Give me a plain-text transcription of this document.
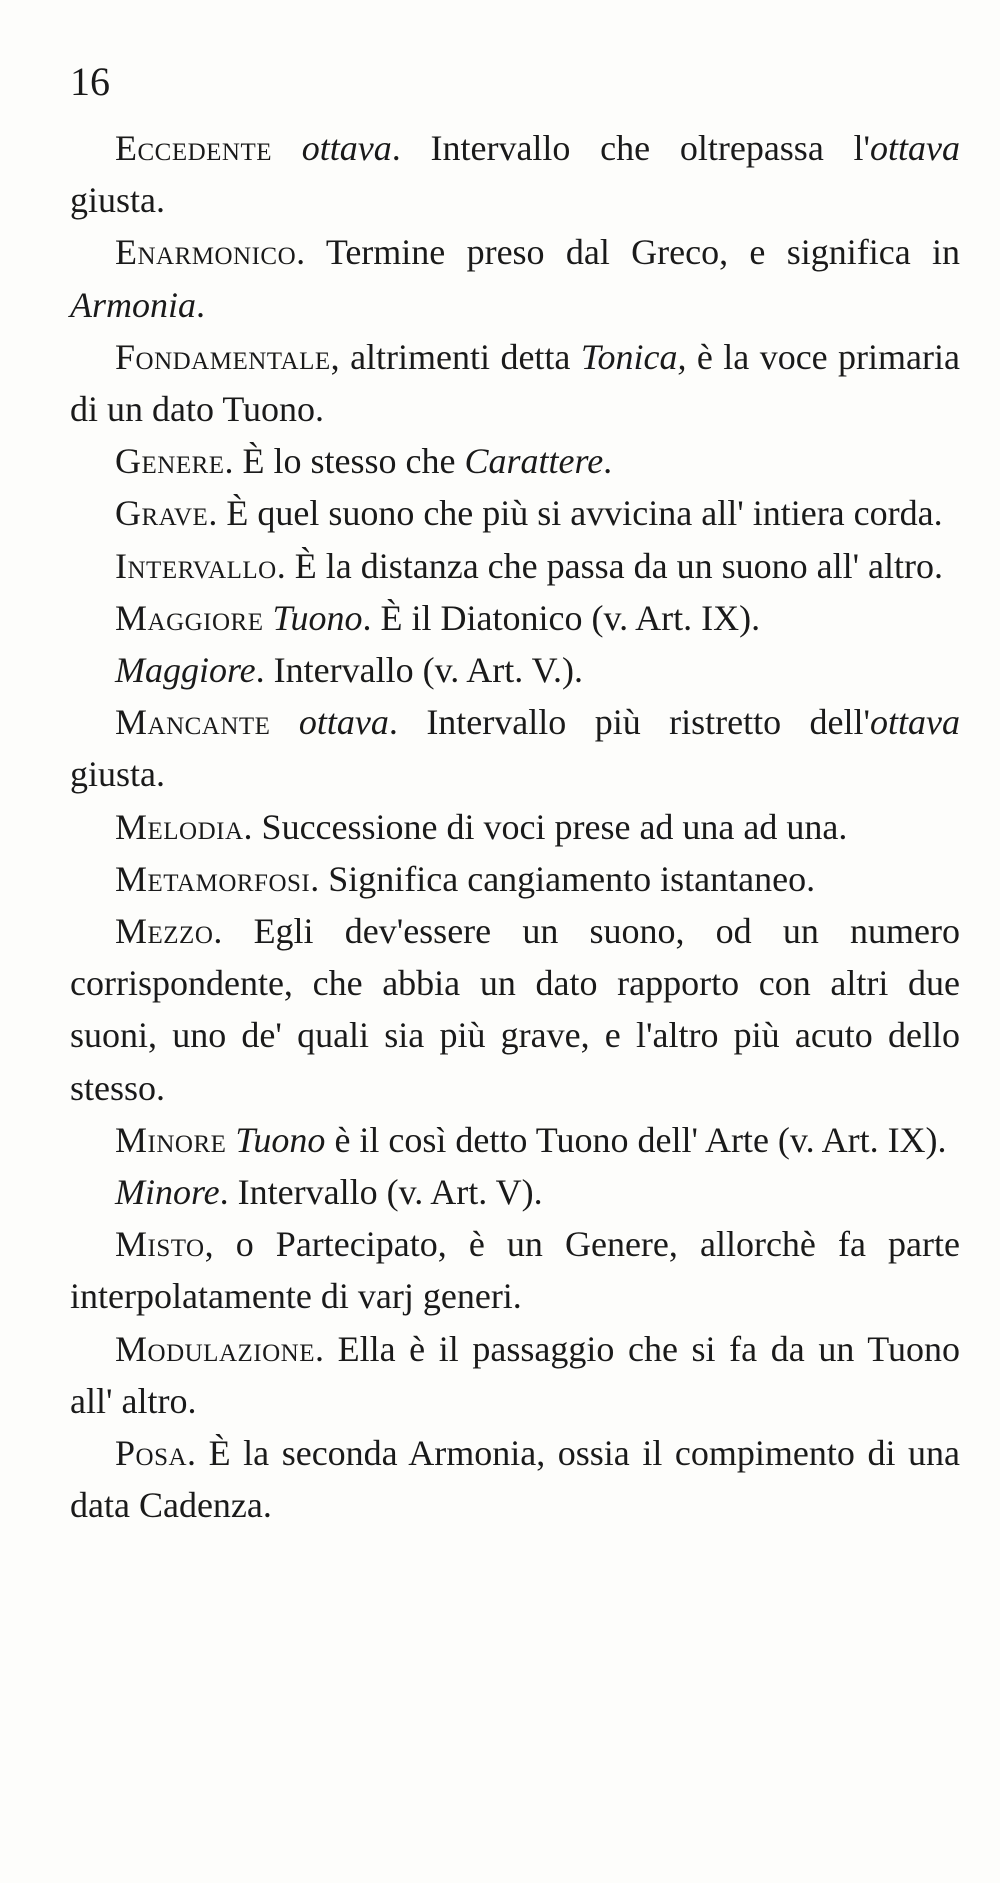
16

Eccedente ottava. Intervallo che oltrepassa l'ottava giusta.

Enarmonico. Termine preso dal Greco, e significa in Armonia.

Fondamentale, altrimenti detta Tonica, è la voce primaria di un dato Tuono.

Genere. È lo stesso che Carattere.

Grave. È quel suono che più si avvicina all' intiera corda.

Intervallo. È la distanza che passa da un suono all' altro.

Maggiore Tuono. È il Diatonico (v. Art. IX).

Maggiore. Intervallo (v. Art. V.).

Mancante ottava. Intervallo più ristretto dell'ottava giusta.

Melodia. Successione di voci prese ad una ad una.

Metamorfosi. Significa cangiamento istantaneo.

Mezzo. Egli dev'essere un suono, od un numero corrispondente, che abbia un dato rapporto con altri due suoni, uno de' quali sia più grave, e l'altro più acuto dello stesso.

Minore Tuono è il così detto Tuono dell' Arte (v. Art. IX).

Minore. Intervallo (v. Art. V).

Misto, o Partecipato, è un Genere, allorchè fa parte interpolatamente di varj generi.

Modulazione. Ella è il passaggio che si fa da un Tuono all' altro.

Posa. È la seconda Armonia, ossia il compimento di una data Cadenza.
